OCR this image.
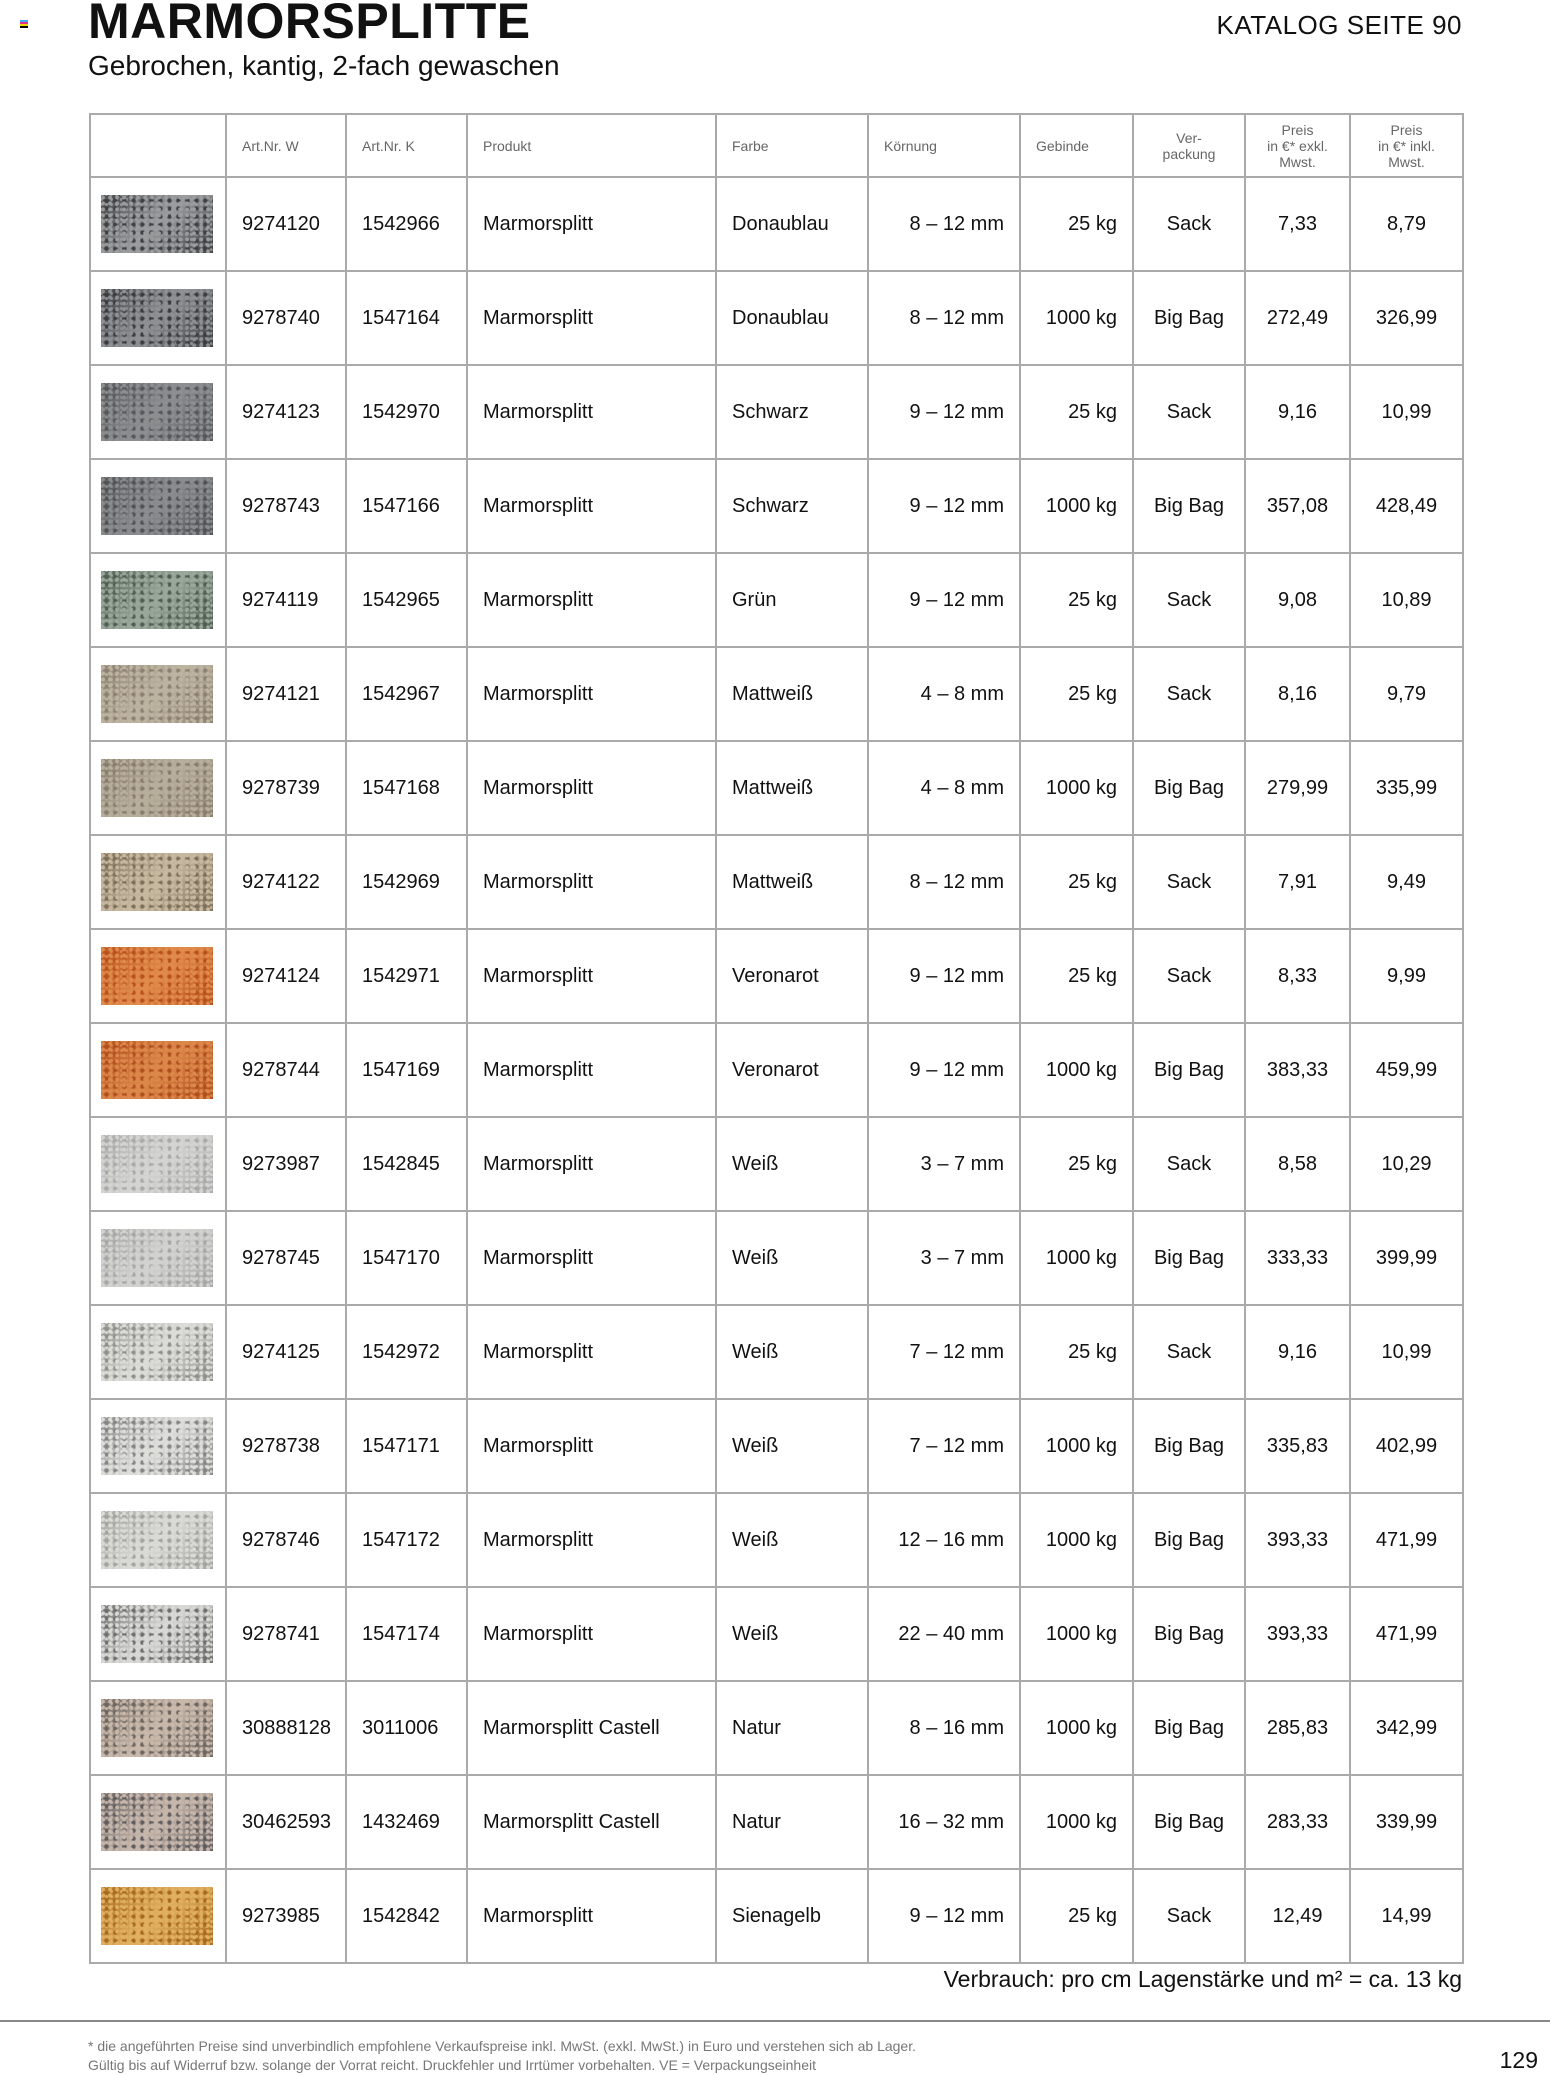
MARMORSPLITTE
Gebrochen, kantig, 2-fach gewaschen
KATALOG SEITE 90
	Art.Nr. W	Art.Nr. K	Produkt	Farbe	Körnung	Gebinde	Ver-
packung	Preis
in €* exkl.
Mwst.	Preis
in €* inkl.
Mwst.

	9274120	1542966	Marmorsplitt	Donaublau	8 – 12 mm	25 kg	Sack	7,33	8,79

	9278740	1547164	Marmorsplitt	Donaublau	8 – 12 mm	1000 kg	Big Bag	272,49	326,99

	9274123	1542970	Marmorsplitt	Schwarz	9 – 12 mm	25 kg	Sack	9,16	10,99

	9278743	1547166	Marmorsplitt	Schwarz	9 – 12 mm	1000 kg	Big Bag	357,08	428,49

	9274119	1542965	Marmorsplitt	Grün	9 – 12 mm	25 kg	Sack	9,08	10,89

	9274121	1542967	Marmorsplitt	Mattweiß	4 – 8 mm	25 kg	Sack	8,16	9,79

	9278739	1547168	Marmorsplitt	Mattweiß	4 – 8 mm	1000 kg	Big Bag	279,99	335,99

	9274122	1542969	Marmorsplitt	Mattweiß	8 – 12 mm	25 kg	Sack	7,91	9,49

	9274124	1542971	Marmorsplitt	Veronarot	9 – 12 mm	25 kg	Sack	8,33	9,99

	9278744	1547169	Marmorsplitt	Veronarot	9 – 12 mm	1000 kg	Big Bag	383,33	459,99

	9273987	1542845	Marmorsplitt	Weiß	3 – 7 mm	25 kg	Sack	8,58	10,29

	9278745	1547170	Marmorsplitt	Weiß	3 – 7 mm	1000 kg	Big Bag	333,33	399,99

	9274125	1542972	Marmorsplitt	Weiß	7 – 12 mm	25 kg	Sack	9,16	10,99

	9278738	1547171	Marmorsplitt	Weiß	7 – 12 mm	1000 kg	Big Bag	335,83	402,99

	9278746	1547172	Marmorsplitt	Weiß	12 – 16 mm	1000 kg	Big Bag	393,33	471,99

	9278741	1547174	Marmorsplitt	Weiß	22 – 40 mm	1000 kg	Big Bag	393,33	471,99

	30888128	3011006	Marmorsplitt Castell	Natur	8 – 16 mm	1000 kg	Big Bag	285,83	342,99

	30462593	1432469	Marmorsplitt Castell	Natur	16 – 32 mm	1000 kg	Big Bag	283,33	339,99

	9273985	1542842	Marmorsplitt	Sienagelb	9 – 12 mm	25 kg	Sack	12,49	14,99
Verbrauch: pro cm Lagenstärke und m² = ca. 13 kg
* die angeführten Preise sind unverbindlich empfohlene Verkaufspreise inkl. MwSt. (exkl. MwSt.) in Euro und verstehen sich ab Lager.
Gültig bis auf Widerruf bzw. solange der Vorrat reicht. Druckfehler und Irrtümer vorbehalten. VE = Verpackungseinheit	129
